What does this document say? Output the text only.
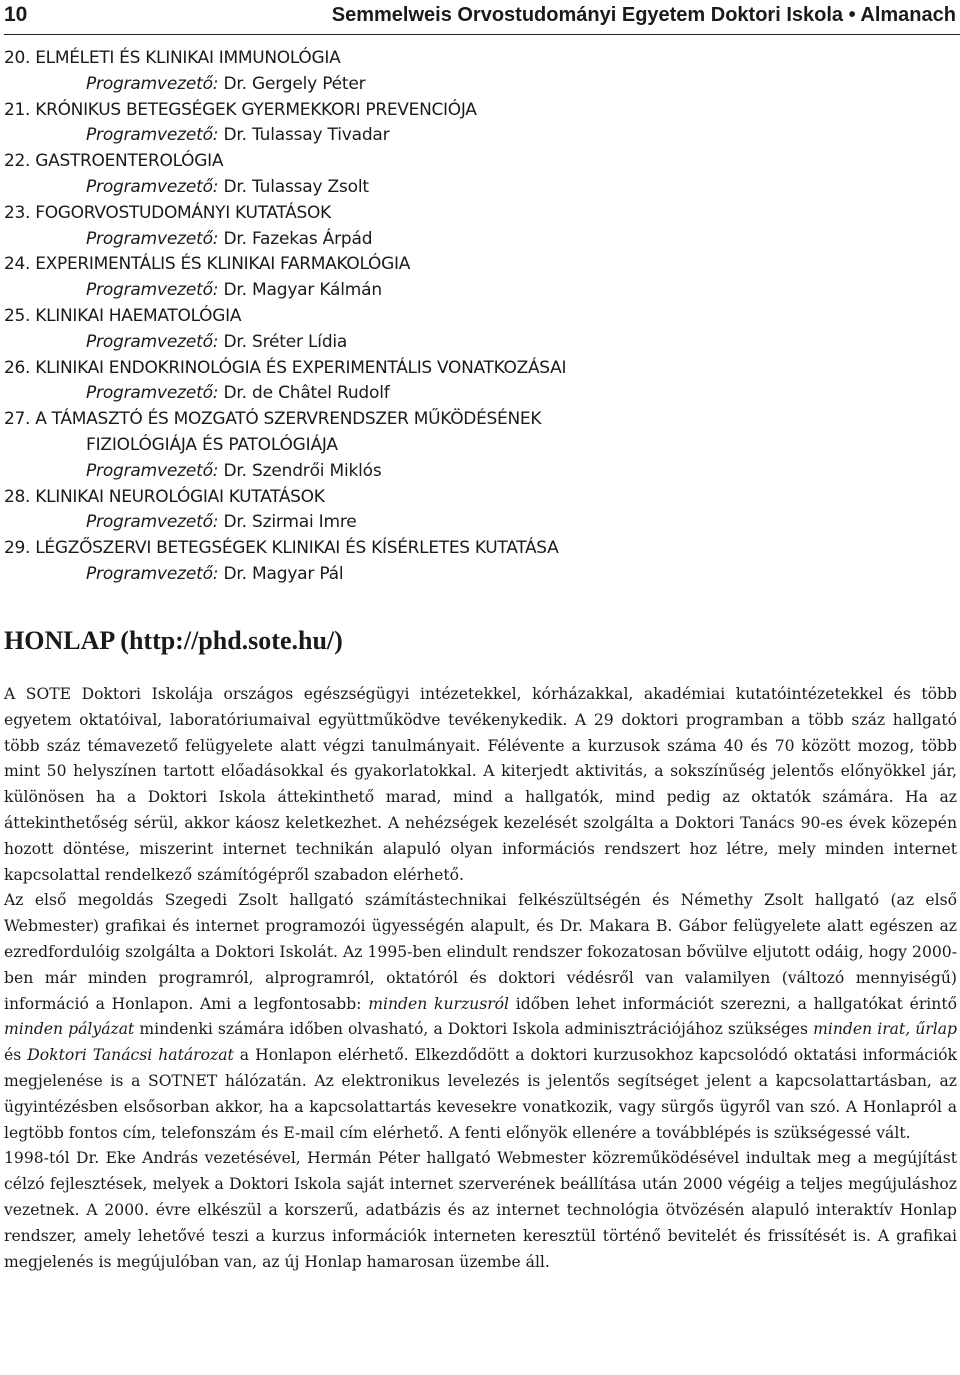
10	Semmelweis Orvostudományi Egyetem Doktori Iskola • Almanach
20. ELMÉLETI ÉS KLINIKAI IMMUNOLÓGIA
Programvezető: Dr. Gergely Péter
21. KRÓNIKUS BETEGSÉGEK GYERMEKKORI PREVENCIÓJA
Programvezető: Dr. Tulassay Tivadar
22. GASTROENTEROLÓGIA
Programvezető: Dr. Tulassay Zsolt
23. FOGORVOSTUDOMÁNYI KUTATÁSOK
Programvezető: Dr. Fazekas Árpád
24. EXPERIMENTÁLIS ÉS KLINIKAI FARMAKOLÓGIA
Programvezető: Dr. Magyar Kálmán
25. KLINIKAI HAEMATOLÓGIA
Programvezető: Dr. Sréter Lídia
26. KLINIKAI ENDOKRINOLÓGIA ÉS EXPERIMENTÁLIS VONATKOZÁSAI
Programvezető: Dr. de Châtel Rudolf
27. A TÁMASZTÓ ÉS MOZGATÓ SZERVRENDSZER MŰKÖDÉSÉNEK
FIZIOLÓGIÁJA ÉS PATOLÓGIÁJA
Programvezető: Dr. Szendrői Miklós
28. KLINIKAI NEUROLÓGIAI KUTATÁSOK
Programvezető: Dr. Szirmai Imre
29. LÉGZŐSZERVI BETEGSÉGEK KLINIKAI ÉS KÍSÉRLETES KUTATÁSA
Programvezető: Dr. Magyar Pál
HONLAP (http://phd.sote.hu/)

A SOTE Doktori Iskolája országos egészségügyi intézetekkel, kórházakkal, akadémiai kutatóintézetekkel és több egyetem oktatóival, laboratóriumaival együttműködve tevékenykedik. A 29 doktori programban a több száz hallgató több száz témavezető felügyelete alatt végzi tanulmányait. Félévente a kurzusok száma 40 és 70 között mozog, több mint 50 helyszínen tartott előadásokkal és gyakorlatokkal. A kiterjedt aktivitás, a sokszínűség jelentős előnyökkel jár, különösen ha a Doktori Iskola áttekinthető marad, mind a hallgatók, mind pedig az oktatók számára. Ha az áttekinthetőség sérül, akkor káosz keletkezhet. A nehézségek kezelését szolgálta a Doktori Tanács 90-es évek közepén hozott döntése, miszerint internet technikán alapuló olyan információs rendszert hoz létre, mely minden internet kapcsolattal rendelkező számítógépről szabadon elérhető.

Az első megoldás Szegedi Zsolt hallgató számítástechnikai felkészültségén és Némethy Zsolt hallgató (az első Webmester) grafikai és internet programozói ügyességén alapult, és Dr. Makara B. Gábor felügyelete alatt egészen az ezredfordulóig szolgálta a Doktori Iskolát. Az 1995-ben elindult rendszer fokozatosan bővülve eljutott odáig, hogy 2000-ben már minden programról, alprogramról, oktatóról és doktori védésről van valamilyen (változó mennyiségű) információ a Honlapon. Ami a legfontosabb: minden kurzusról időben lehet információt szerezni, a hallgatókat érintő minden pályázat mindenki számára időben olvasható, a Doktori Iskola adminisztrációjához szükséges minden irat, űrlap és Doktori Tanácsi határozat a Honlapon elérhető. Elkezdődött a doktori kurzusokhoz kapcsolódó oktatási információk megjelenése is a SOTNET hálózatán. Az elektronikus levelezés is jelentős segítséget jelent a kapcsolattartásban, az ügyintézésben elsősorban akkor, ha a kapcsolattartás kevesekre vonatkozik, vagy sürgős ügyről van szó. A Honlapról a legtöbb fontos cím, telefonszám és E-mail cím elérhető. A fenti előnyök ellenére a továbblépés is szükségessé vált.

1998-tól Dr. Eke András vezetésével, Hermán Péter hallgató Webmester közreműködésével indultak meg a megújítást célzó fejlesztések, melyek a Doktori Iskola saját internet szerverének beállítása után 2000 végéig a teljes megújuláshoz vezetnek. A 2000. évre elkészül a korszerű, adatbázis és az internet technológia ötvözésén alapuló interaktív Honlap rendszer, amely lehetővé teszi a kurzus információk interneten keresztül történő bevitelét és frissítését is. A grafikai megjelenés is megújulóban van, az új Honlap hamarosan üzembe áll.
